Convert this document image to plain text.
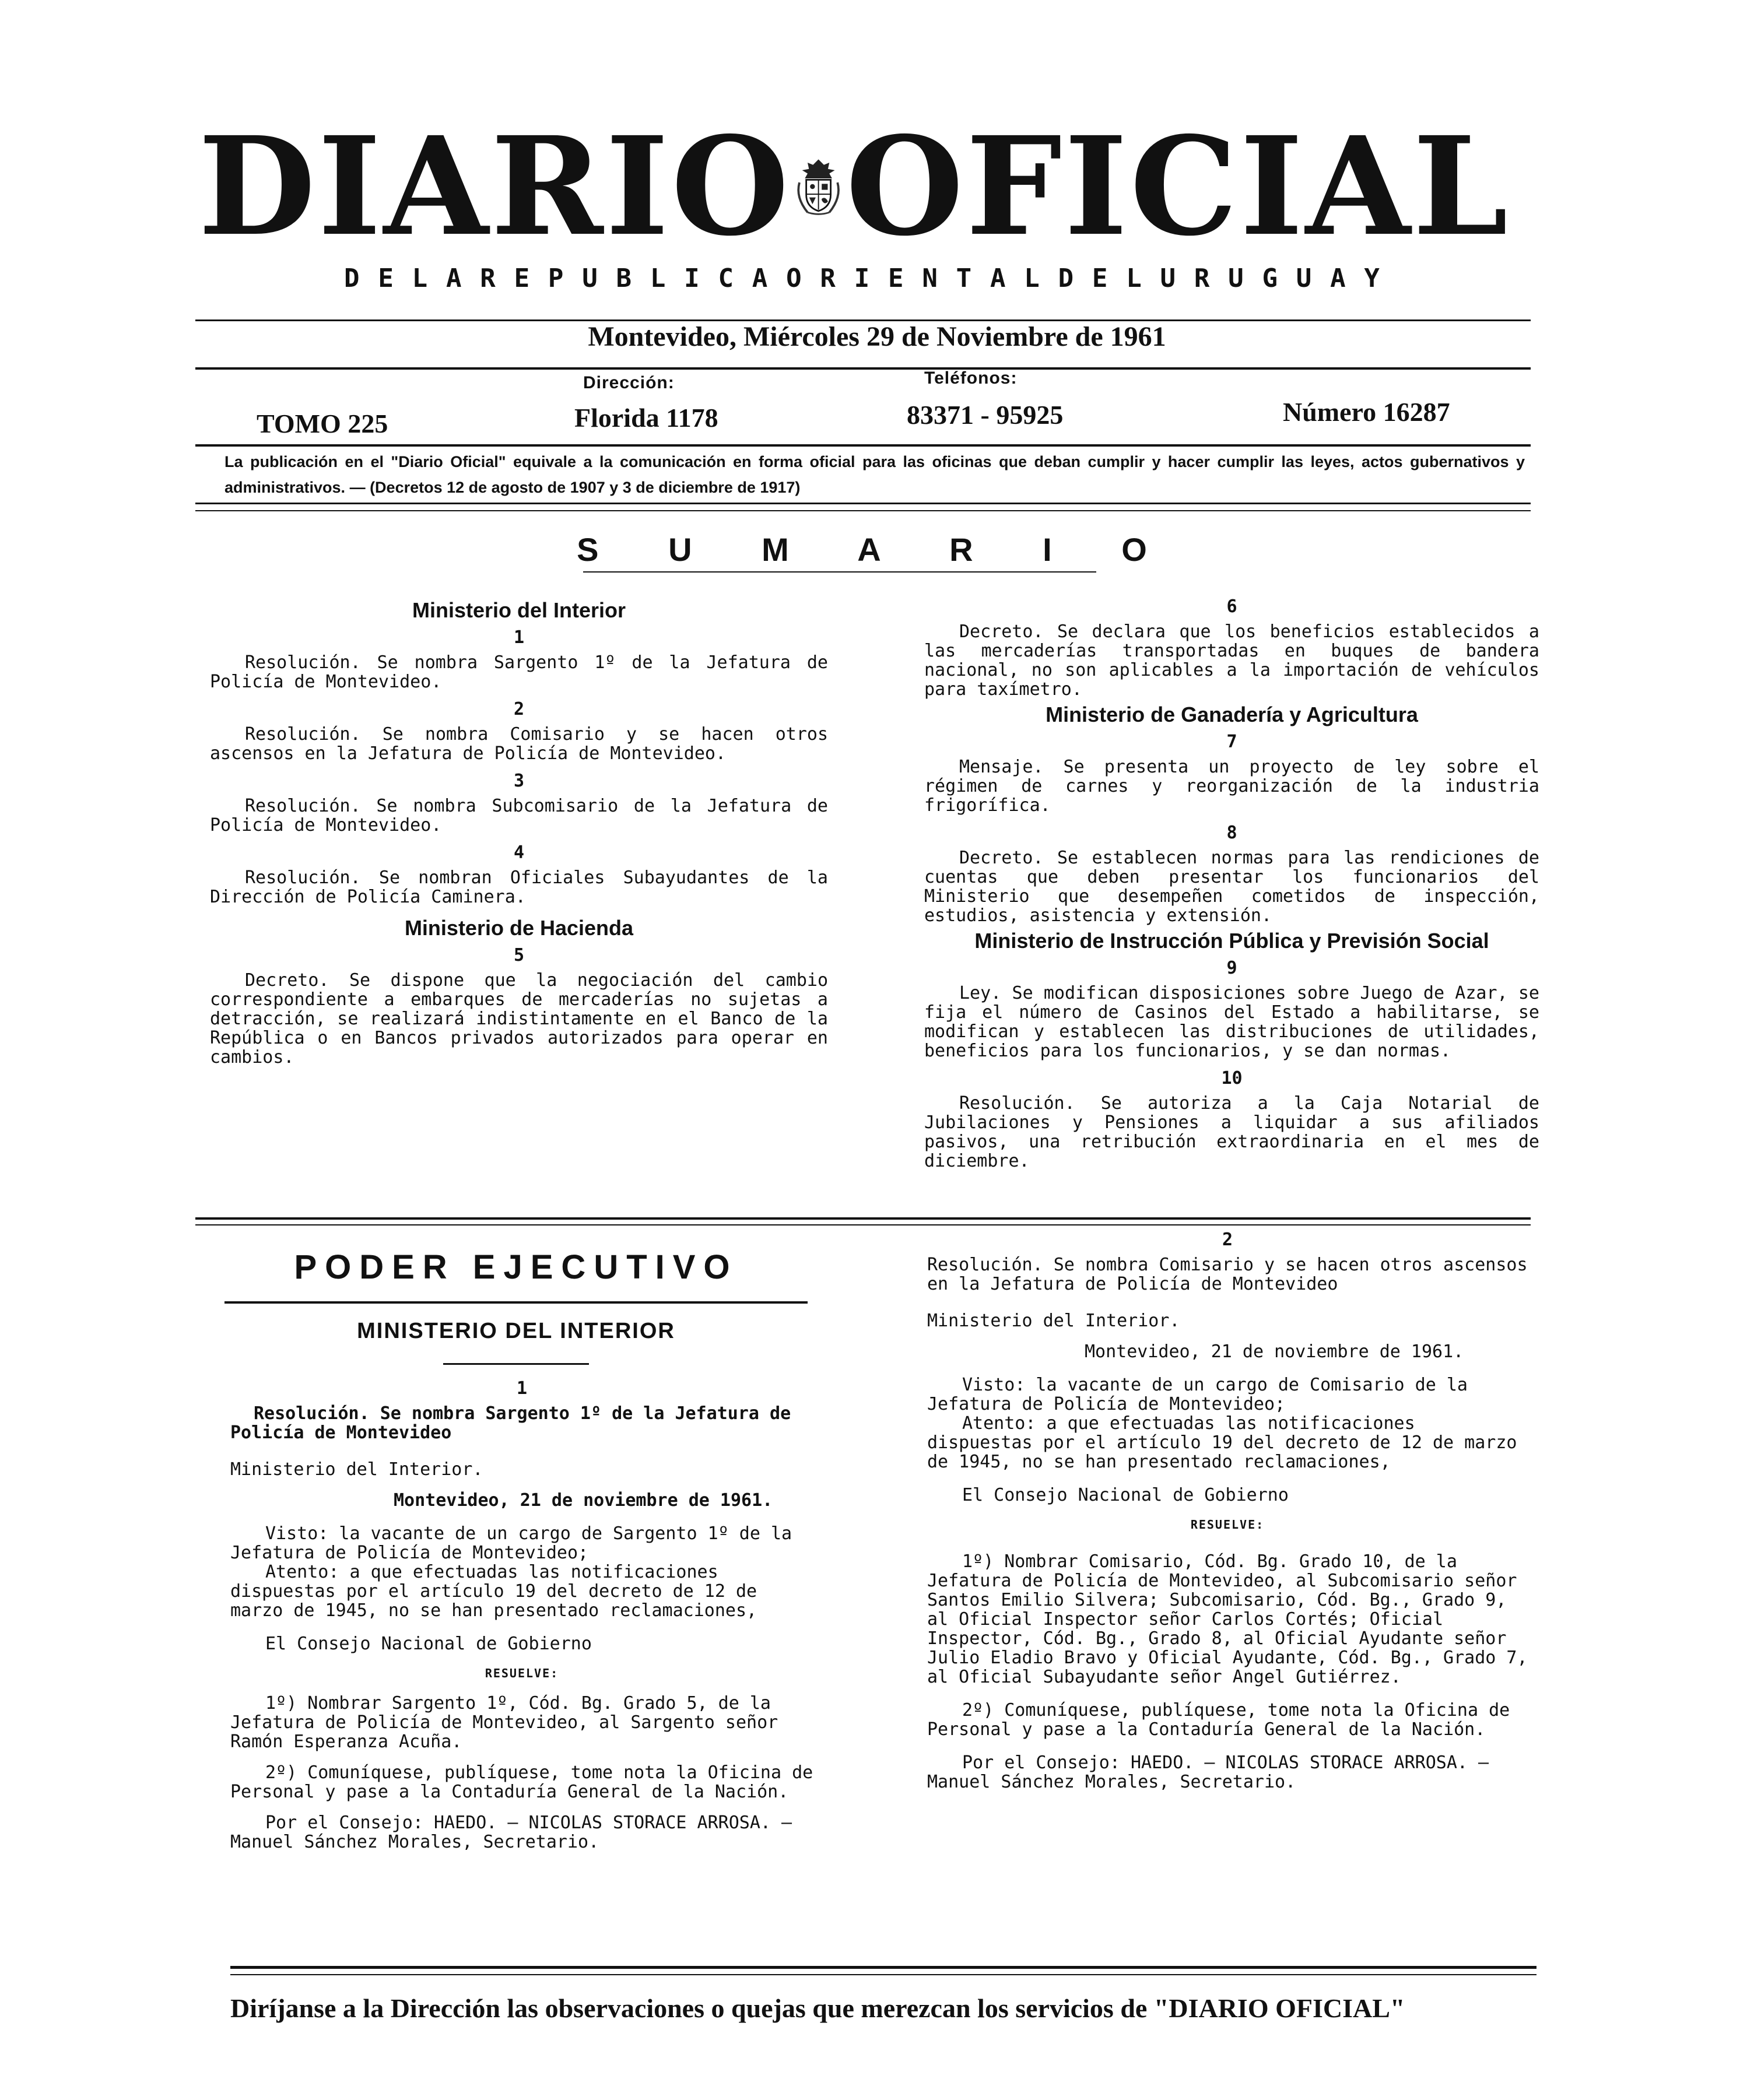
DIARIO OFICIAL
D E L A R E P U B L I C A O R I E N T A L D E L U R U G U A Y
Montevideo, Miércoles 29 de Noviembre de 1961
Dirección:	Teléfonos:
TOMO 225	Florida 1178	83371 - 95925	Número 16287
La publicación en el "Diario Oficial" equivale a la comunicación en forma oficial para las oficinas que deban cumplir y hacer cumplir las leyes, actos gubernativos y administrativos. — (Decretos 12 de agosto de 1907 y 3 de diciembre de 1917)
S U M A R I O

Ministerio del Interior

1

Resolución. Se nombra Sargento 1º de la Jefatura de Policía de Montevideo.

2

Resolución. Se nombra Comisario y se hacen otros ascensos en la Jefatura de Policía de Montevideo.

3

Resolución. Se nombra Subcomisario de la Jefatura de Policía de Montevideo.

4

Resolución. Se nombran Oficiales Subayudantes de la Dirección de Policía Caminera.

Ministerio de Hacienda

5

Decreto. Se dispone que la negociación del cambio correspondiente a embarques de mercaderías no sujetas a detracción, se realizará indistintamente en el Banco de la República o en Bancos privados autorizados para operar en cambios.

6

Decreto. Se declara que los beneficios establecidos a las mercaderías transportadas en buques de bandera nacional, no son aplicables a la importación de vehículos para taxímetro.

Ministerio de Ganadería y Agricultura

7

Mensaje. Se presenta un proyecto de ley sobre el régimen de carnes y reorganización de la industria frigorífica.

8

Decreto. Se establecen normas para las rendiciones de cuentas que deben presentar los funcionarios del Ministerio que desempeñen cometidos de inspección, estudios, asistencia y extensión.

Ministerio de Instrucción Pública y Previsión Social

9

Ley. Se modifican disposiciones sobre Juego de Azar, se fija el número de Casinos del Estado a habilitarse, se modifican y establecen las distribuciones de utilidades, beneficios para los funcionarios, y se dan normas.

10

Resolución. Se autoriza a la Caja Notarial de Jubilaciones y Pensiones a liquidar a sus afiliados pasivos, una retribución extraordinaria en el mes de diciembre.

PODER EJECUTIVO
MINISTERIO DEL INTERIOR

1

Resolución. Se nombra Sargento 1º de la Jefatura de Policía de Montevideo

Ministerio del Interior.

Montevideo, 21 de noviembre de 1961.

Visto: la vacante de un cargo de Sargento 1º de la Jefatura de Policía de Montevideo;

Atento: a que efectuadas las notificaciones dispuestas por el artículo 19 del decreto de 12 de marzo de 1945, no se han presentado reclamaciones,

El Consejo Nacional de Gobierno

RESUELVE:

1º) Nombrar Sargento 1º, Cód. Bg. Grado 5, de la Jefatura de Policía de Montevideo, al Sargento señor Ramón Esperanza Acuña.

2º) Comuníquese, publíquese, tome nota la Oficina de Personal y pase a la Contaduría General de la Nación.

Por el Consejo: HAEDO. — NICOLAS STORACE ARROSA. — Manuel Sánchez Morales, Secretario.

2

Resolución. Se nombra Comisario y se hacen otros ascensos en la Jefatura de Policía de Montevideo

Ministerio del Interior.

Montevideo, 21 de noviembre de 1961.

Visto: la vacante de un cargo de Comisario de la Jefatura de Policía de Montevideo;

Atento: a que efectuadas las notificaciones dispuestas por el artículo 19 del decreto de 12 de marzo de 1945, no se han presentado reclamaciones,

El Consejo Nacional de Gobierno

RESUELVE:

1º) Nombrar Comisario, Cód. Bg. Grado 10, de la Jefatura de Policía de Montevideo, al Subcomisario señor Santos Emilio Silvera; Subcomisario, Cód. Bg., Grado 9, al Oficial Inspector señor Carlos Cortés; Oficial Inspector, Cód. Bg., Grado 8, al Oficial Ayudante señor Julio Eladio Bravo y Oficial Ayudante, Cód. Bg., Grado 7, al Oficial Subayudante señor Angel Gutiérrez.

2º) Comuníquese, publíquese, tome nota la Oficina de Personal y pase a la Contaduría General de la Nación.

Por el Consejo: HAEDO. — NICOLAS STORACE ARROSA. — Manuel Sánchez Morales, Secretario.

Diríjanse a la Dirección las observaciones o quejas que merezcan los servicios de "DIARIO OFICIAL"
